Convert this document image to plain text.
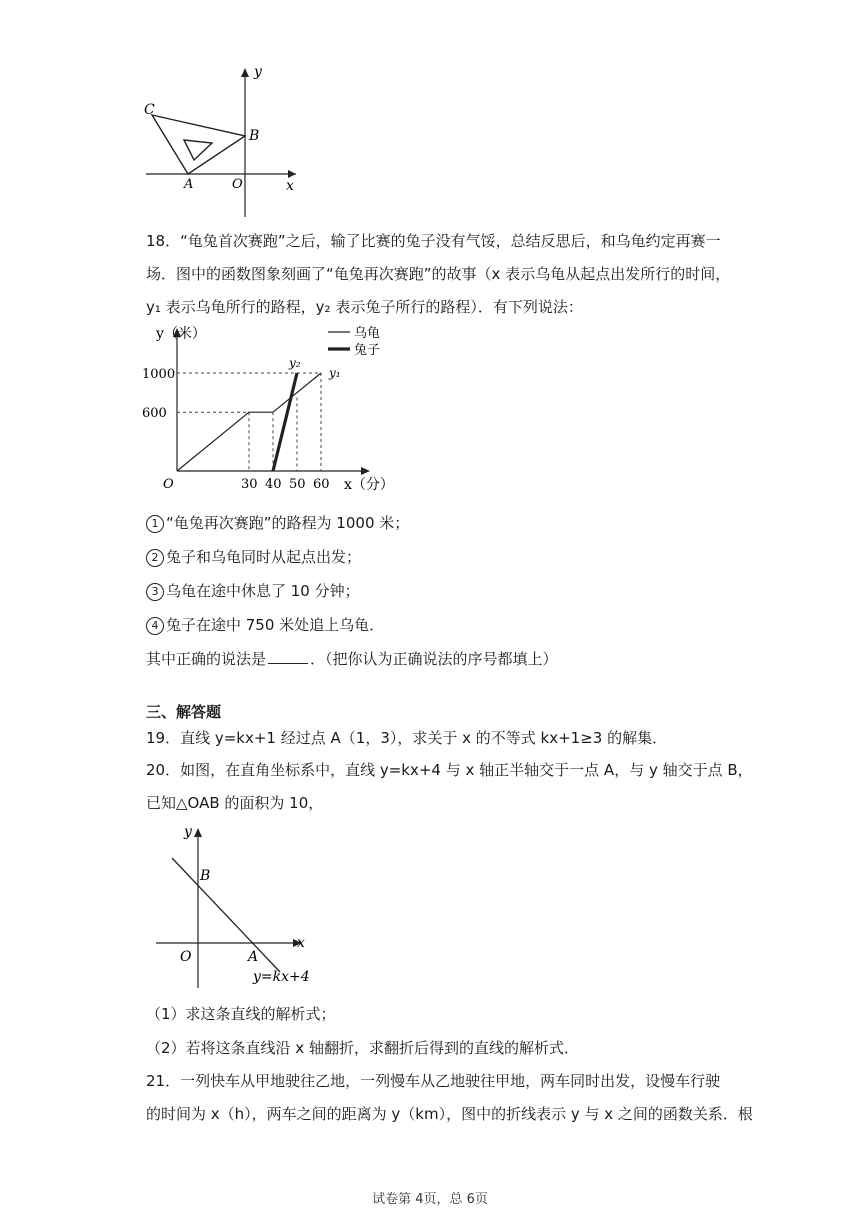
y
C
B
A	O	x
18．“龟兔首次赛跑”之后，输了比赛的兔子没有气馁，总结反思后，和乌龟约定再赛一
场．图中的函数图象刻画了“龟兔再次赛跑”的故事（x 表示乌龟从起点出发所行的时间，
y₁ 表示乌龟所行的路程，y₂ 表示兔子所行的路程）．有下列说法：
y₁
y₂
30 40 50 60
600
1000
O
y（米）
x（分）
乌龟
兔子
1 “龟兔再次赛跑”的路程为 1000 米；
2 兔子和乌龟同时从起点出发；
3 乌龟在途中休息了 10 分钟；
4 兔子在途中 750 米处追上乌龟．
其中正确的说法是	．（把你认为正确说法的序号都填上）
三、解答题
19．直线 y=kx+1 经过点 A（1，3），求关于 x 的不等式 kx+1≥3 的解集．
20．如图，在直角坐标系中，直线 y=kx+4 与 x 轴正半轴交于一点 A，与 y 轴交于点 B，
已知△OAB 的面积为 10，
y
B
x
O	A
y=kx+4
（1）求这条直线的解析式；
（2）若将这条直线沿 x 轴翻折，求翻折后得到的直线的解析式．
21．一列快车从甲地驶往乙地，一列慢车从乙地驶往甲地，两车同时出发，设慢车行驶
的时间为 x（h），两车之间的距离为 y（km），图中的折线表示 y 与 x 之间的函数关系．根
试卷第 4页，总 6页
